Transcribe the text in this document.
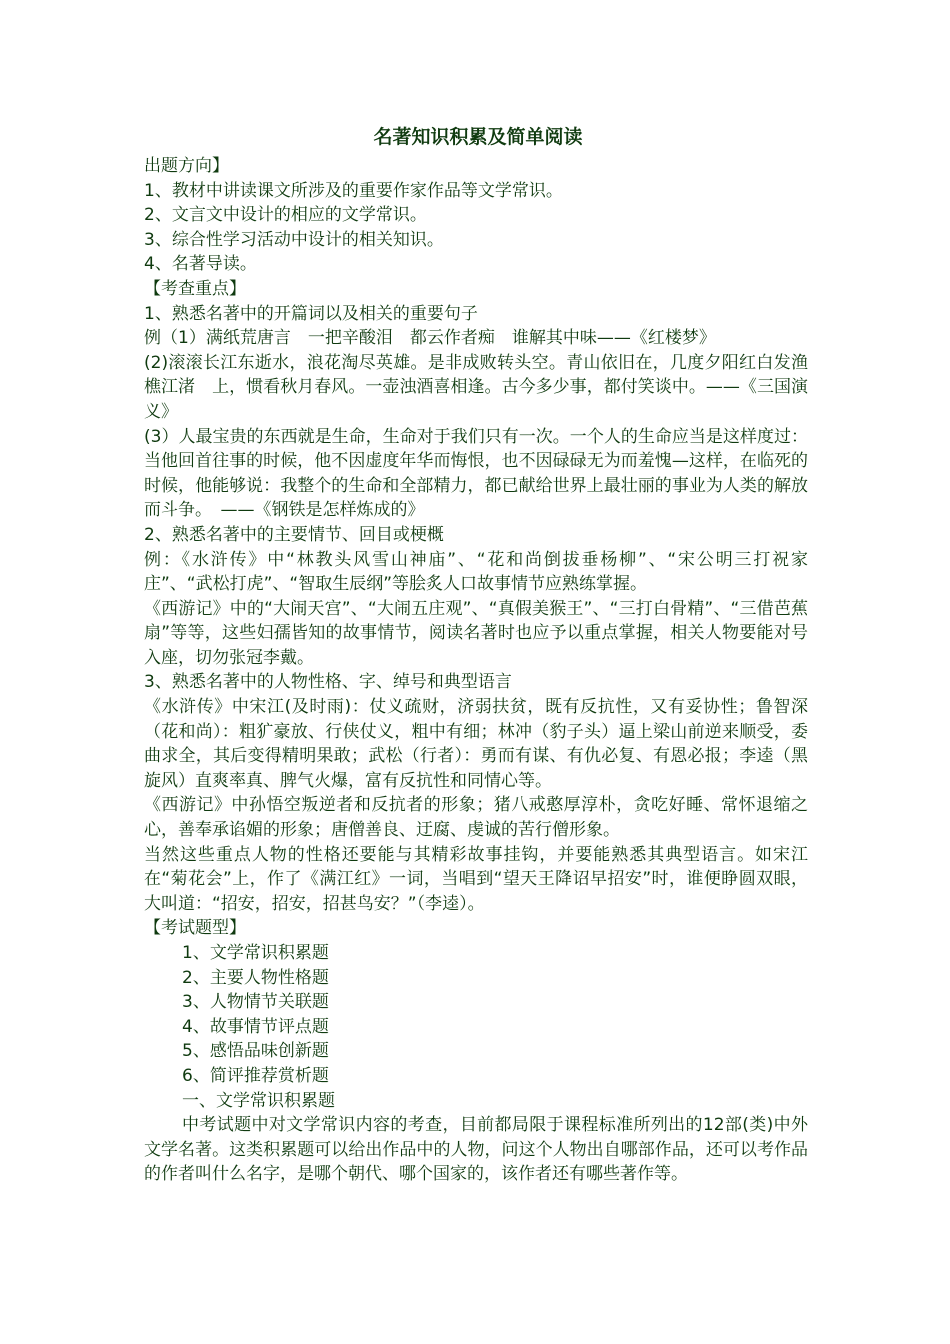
名著知识积累及简单阅读

出题方向】

1、教材中讲读课文所涉及的重要作家作品等文学常识。

2、文言文中设计的相应的文学常识。

3、综合性学习活动中设计的相关知识。

4、名著导读。

【考查重点】

1、熟悉名著中的开篇词以及相关的重要句子

例（1）满纸荒唐言　一把辛酸泪　都云作者痴　谁解其中味——《红楼梦》

(2)滚滚长江东逝水，浪花淘尽英雄。是非成败转头空。青山依旧在，几度夕阳红白发渔樵江渚　上，惯看秋月春风。一壶浊酒喜相逢。古今多少事，都付笑谈中。——《三国演义》

(3）人最宝贵的东西就是生命，生命对于我们只有一次。一个人的生命应当是这样度过：当他回首往事的时候，他不因虚度年华而悔恨，也不因碌碌无为而羞愧—这样，在临死的时候，他能够说：我整个的生命和全部精力，都已献给世界上最壮丽的事业为人类的解放而斗争。　——《钢铁是怎样炼成的》

2、熟悉名著中的主要情节、回目或梗概

例：《水浒传》中“林教头风雪山神庙”、“花和尚倒拔垂杨柳”、“宋公明三打祝家庄”、“武松打虎”、“智取生辰纲”等脍炙人口故事情节应熟练掌握。

《西游记》中的“大闹天宫”、“大闹五庄观”、“真假美猴王”、“三打白骨精”、“三借芭蕉扇”等等，这些妇孺皆知的故事情节，阅读名著时也应予以重点掌握，相关人物要能对号入座，切勿张冠李戴。

3、熟悉名著中的人物性格、字、绰号和典型语言

《水浒传》中宋江(及时雨)：仗义疏财，济弱扶贫，既有反抗性，又有妥协性；鲁智深（花和尚）：粗犷豪放、行侠仗义，粗中有细；林冲（豹子头）逼上梁山前逆来顺受，委曲求全，其后变得精明果敢；武松（行者）：勇而有谋、有仇必复、有恩必报；李逵（黑旋风）直爽率真、脾气火爆，富有反抗性和同情心等。

《西游记》中孙悟空叛逆者和反抗者的形象；猪八戒憨厚淳朴，贪吃好睡、常怀退缩之心，善奉承谄媚的形象；唐僧善良、迂腐、虔诚的苦行僧形象。

当然这些重点人物的性格还要能与其精彩故事挂钩，并要能熟悉其典型语言。如宋江在“菊花会”上，作了《满江红》一词，当唱到“望天王降诏早招安”时，谁便睁圆双眼，大叫道：“招安，招安，招甚鸟安？”（李逵）。

【考试题型】

1、文学常识积累题

2、主要人物性格题

3、人物情节关联题

4、故事情节评点题

5、感悟品味创新题

6、简评推荐赏析题

一、文学常识积累题

中考试题中对文学常识内容的考查，目前都局限于课程标准所列出的12部(类)中外文学名著。这类积累题可以给出作品中的人物，问这个人物出自哪部作品，还可以考作品的作者叫什么名字，是哪个朝代、哪个国家的，该作者还有哪些著作等。
